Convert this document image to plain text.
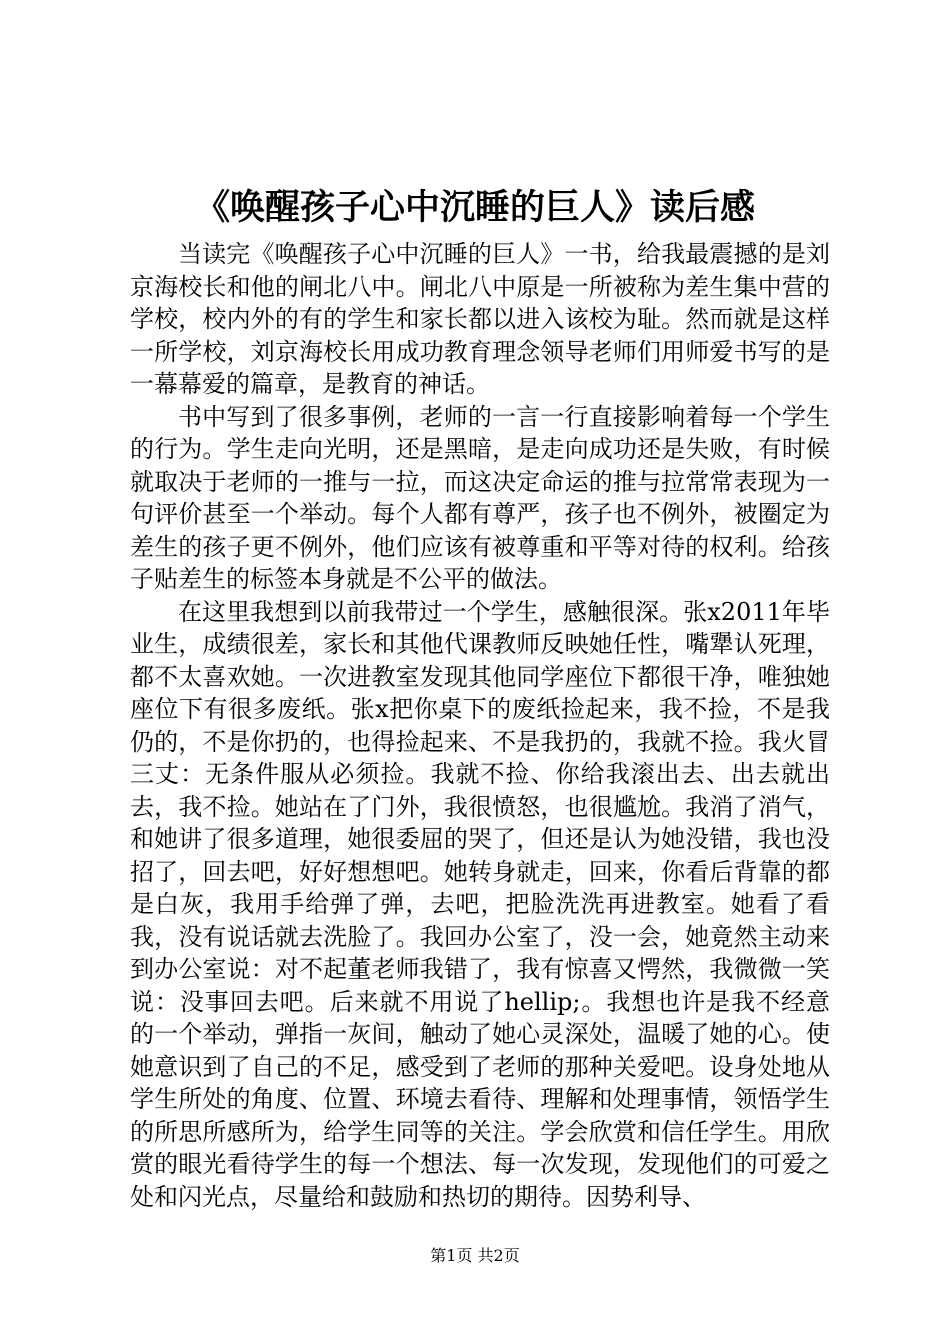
《唤醒孩子心中沉睡的巨人》读后感

当读完《唤醒孩子心中沉睡的巨人》一书，给我最震撼的是刘京海校长和他的闸北八中。闸北八中原是一所被称为差生集中营的学校，校内外的有的学生和家长都以进入该校为耻。然而就是这样一所学校，刘京海校长用成功教育理念领导老师们用师爱书写的是一幕幕爱的篇章，是教育的神话。

书中写到了很多事例，老师的一言一行直接影响着每一个学生的行为。学生走向光明，还是黑暗，是走向成功还是失败，有时候就取决于老师的一推与一拉，而这决定命运的推与拉常常表现为一句评价甚至一个举动。每个人都有尊严，孩子也不例外，被圈定为差生的孩子更不例外，他们应该有被尊重和平等对待的权利。给孩子贴差生的标签本身就是不公平的做法。

在这里我想到以前我带过一个学生，感触很深。张x2011年毕业生，成绩很差，家长和其他代课教师反映她任性，嘴犟认死理，都不太喜欢她。一次进教室发现其他同学座位下都很干净，唯独她座位下有很多废纸。张x把你桌下的废纸捡起来，我不捡，不是我仍的，不是你扔的，也得捡起来、不是我扔的，我就不捡。我火冒三丈：无条件服从必须捡。我就不捡、你给我滚出去、出去就出去，我不捡。她站在了门外，我很愤怒，也很尴尬。我消了消气，和她讲了很多道理，她很委屈的哭了，但还是认为她没错，我也没招了，回去吧，好好想想吧。她转身就走，回来，你看后背靠的都是白灰，我用手给弹了弹，去吧，把脸洗洗再进教室。她看了看我，没有说话就去洗脸了。我回办公室了，没一会，她竟然主动来到办公室说：对不起董老师我错了，我有惊喜又愕然，我微微一笑说：没事回去吧。后来就不用说了hellip;。我想也许是我不经意的一个举动，弹指一灰间，触动了她心灵深处，温暖了她的心。使她意识到了自己的不足，感受到了老师的那种关爱吧。设身处地从学生所处的角度、位置、环境去看待、理解和处理事情，领悟学生的所思所感所为，给学生同等的关注。学会欣赏和信任学生。用欣赏的眼光看待学生的每一个想法、每一次发现，发现他们的可爱之处和闪光点，尽量给和鼓励和热切的期待。因势利导、

第1页 共2页
